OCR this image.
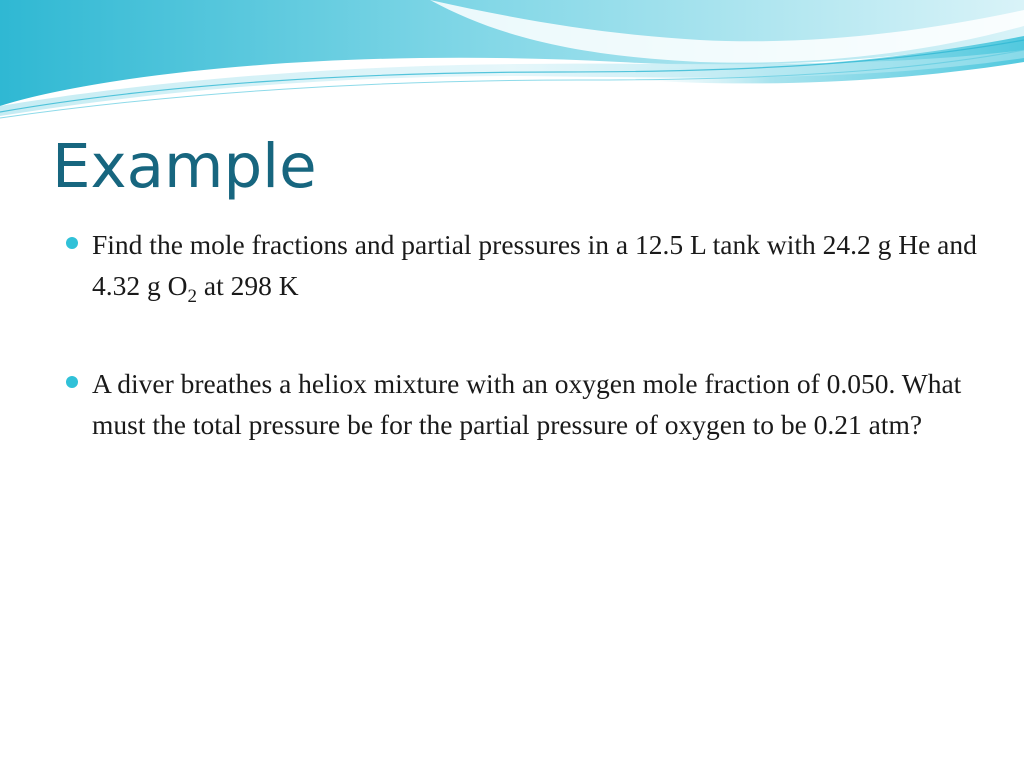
Example
Find the mole fractions and partial pressures in a 12.5 L tank with 24.2 g He and 4.32 g $O_2$ at 298 K
A diver breathes a heliox mixture with an oxygen mole fraction of 0.050. What must the total pressure be for the partial pressure of oxygen to be 0.21 atm?
